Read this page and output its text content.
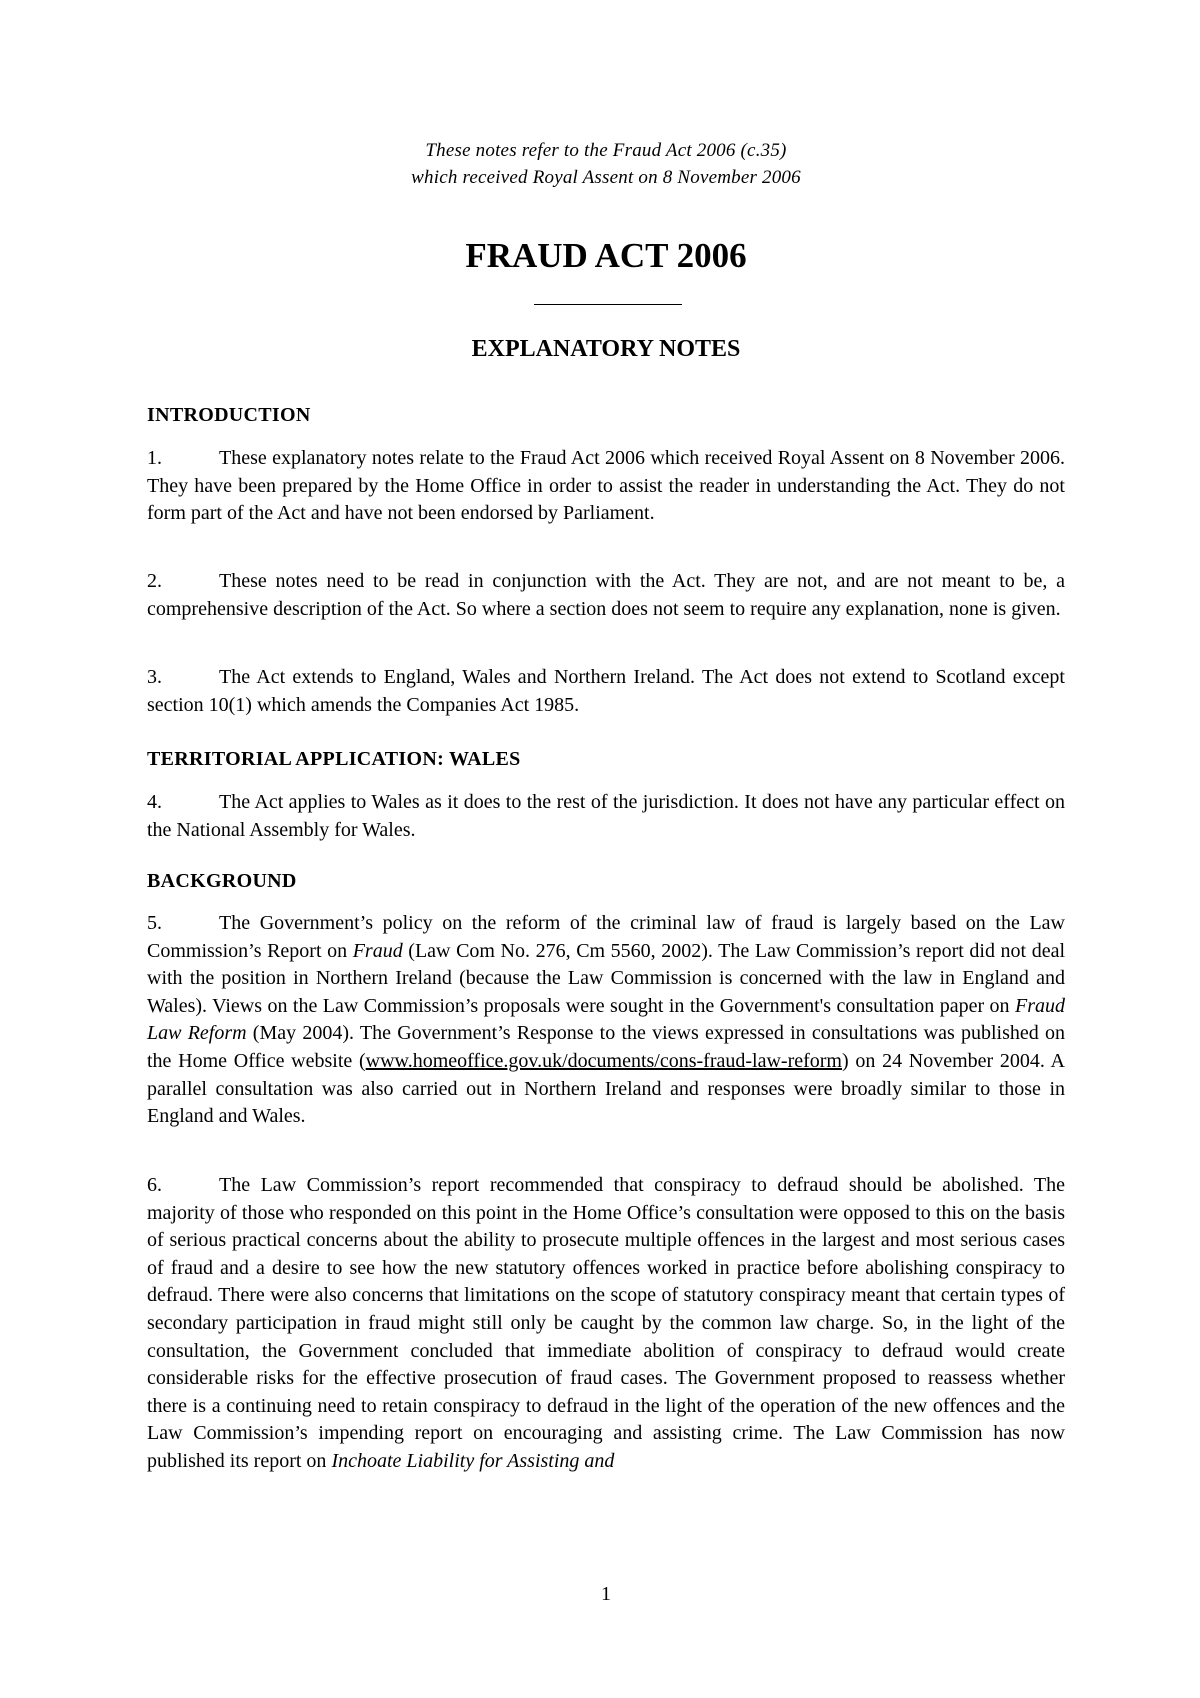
These notes refer to the Fraud Act 2006 (c.35)
which received Royal Assent on 8 November 2006
FRAUD ACT 2006
EXPLANATORY NOTES
INTRODUCTION

1.	These explanatory notes relate to the Fraud Act 2006 which received Royal Assent on 8 November 2006. They have been prepared by the Home Office in order to assist the reader in understanding the Act. They do not form part of the Act and have not been endorsed by Parliament.

2.	These notes need to be read in conjunction with the Act. They are not, and are not meant to be, a comprehensive description of the Act. So where a section does not seem to require any explanation, none is given.

3.	The Act extends to England, Wales and Northern Ireland. The Act does not extend to Scotland except section 10(1) which amends the Companies Act 1985.

TERRITORIAL APPLICATION: WALES

4.	The Act applies to Wales as it does to the rest of the jurisdiction. It does not have any particular effect on the National Assembly for Wales.

BACKGROUND

5.	The Government’s policy on the reform of the criminal law of fraud is largely based on the Law Commission’s Report on Fraud (Law Com No. 276, Cm 5560, 2002). The Law Commission’s report did not deal with the position in Northern Ireland (because the Law Commission is concerned with the law in England and Wales). Views on the Law Commission’s proposals were sought in the Government's consultation paper on Fraud Law Reform (May 2004). The Government’s Response to the views expressed in consultations was published on the Home Office website (www.homeoffice.gov.uk/documents/cons-fraud-law-reform) on 24 November 2004. A parallel consultation was also carried out in Northern Ireland and responses were broadly similar to those in England and Wales.

6.	The Law Commission’s report recommended that conspiracy to defraud should be abolished. The majority of those who responded on this point in the Home Office’s consultation were opposed to this on the basis of serious practical concerns about the ability to prosecute multiple offences in the largest and most serious cases of fraud and a desire to see how the new statutory offences worked in practice before abolishing conspiracy to defraud. There were also concerns that limitations on the scope of statutory conspiracy meant that certain types of secondary participation in fraud might still only be caught by the common law charge. So, in the light of the consultation, the Government concluded that immediate abolition of conspiracy to defraud would create considerable risks for the effective prosecution of fraud cases. The Government proposed to reassess whether there is a continuing need to retain conspiracy to defraud in the light of the operation of the new offences and the Law Commission’s impending report on encouraging and assisting crime. The Law Commission has now published its report on Inchoate Liability for Assisting and

1
